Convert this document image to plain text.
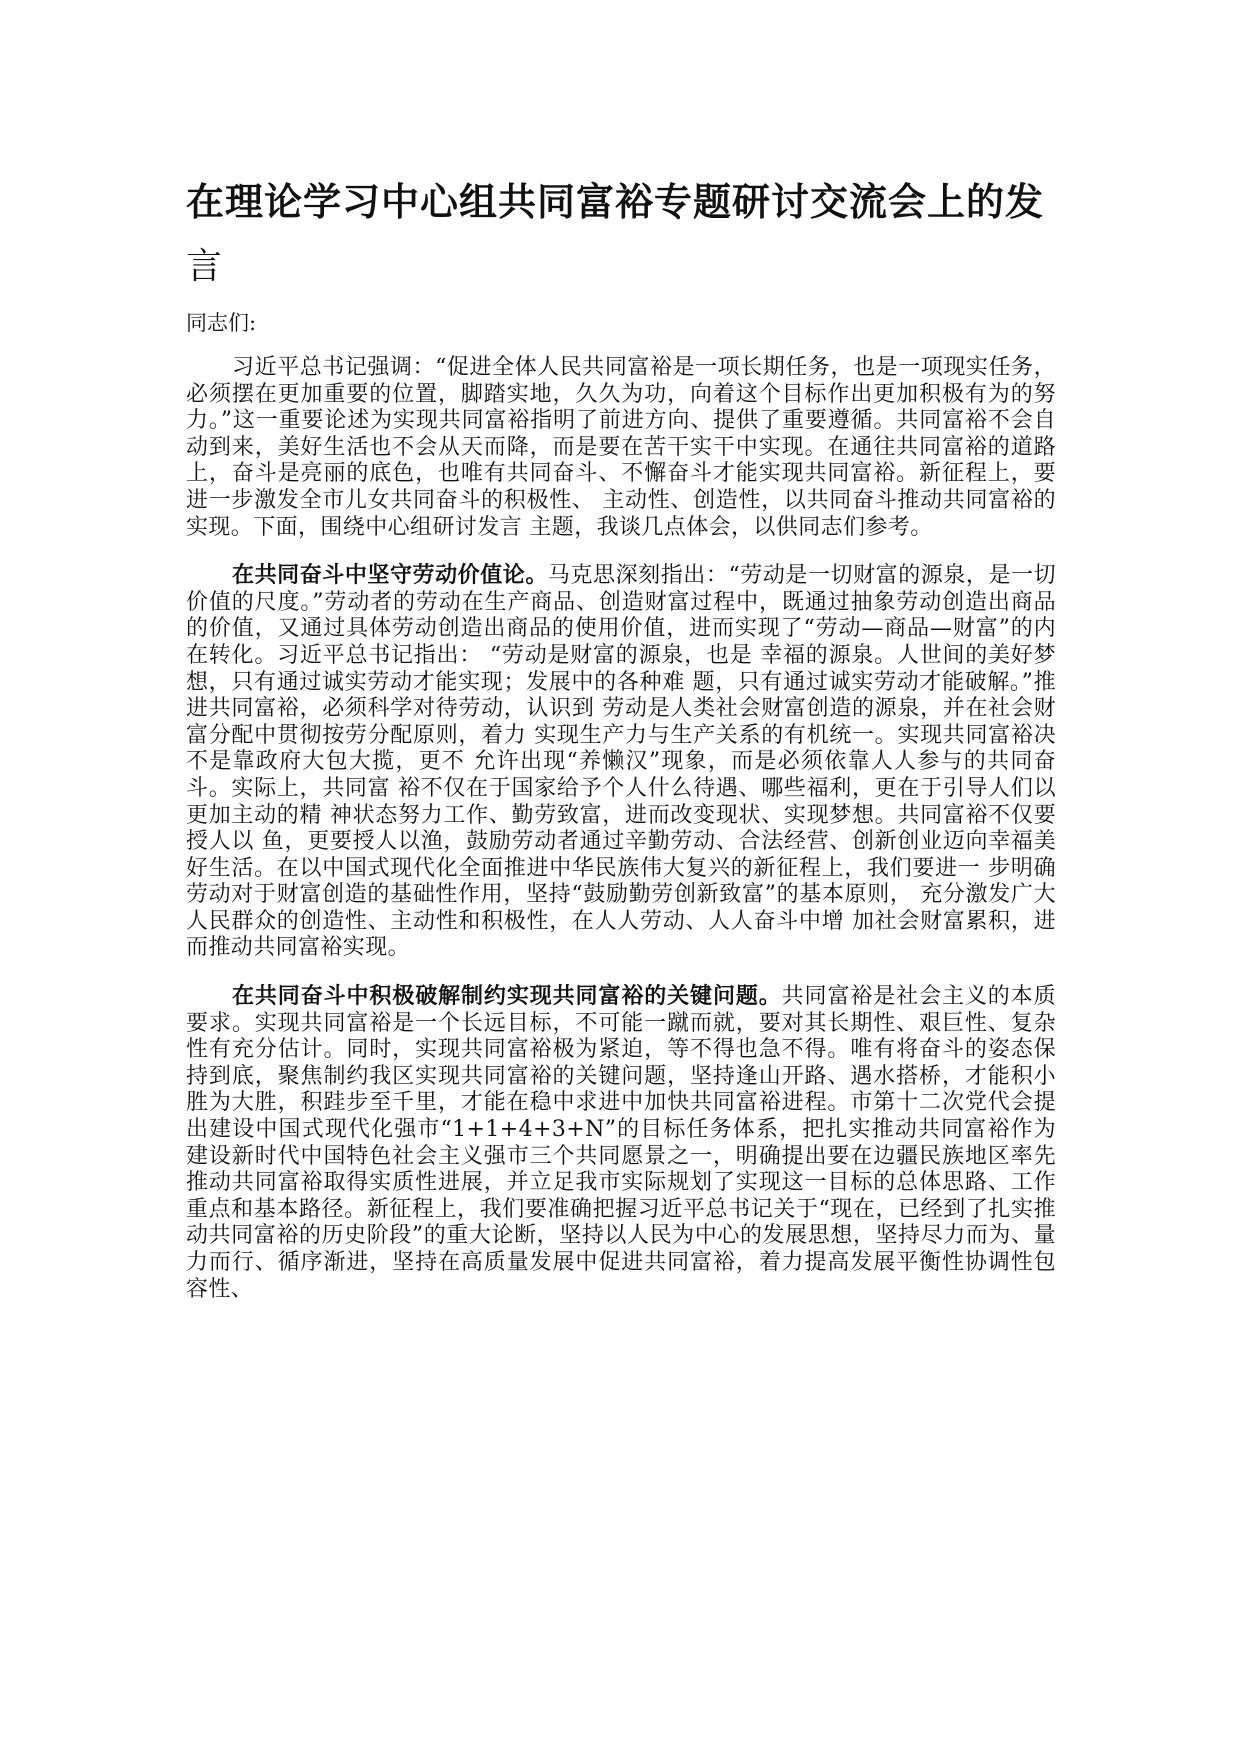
在理论学习中心组共同富裕专题研讨交流会上的发
言

同志们:

习近平总书记强调：“促进全体人民共同富裕是一项长期任务，也是一项现实任务，必须摆在更加重要的位置，脚踏实地，久久为功，向着这个目标作出更加积极有为的努力。”这一重要论述为实现共同富裕指明了前进方向、提供了重要遵循。共同富裕不会自动到来，美好生活也不会从天而降，而是要在苦干实干中实现。在通往共同富裕的道路上，奋斗是亮丽的底色，也唯有共同奋斗、不懈奋斗才能实现共同富裕。新征程上，要进一步激发全市儿女共同奋斗的积极性、 主动性、创造性，以共同奋斗推动共同富裕的实现。下面，围绕中心组研讨发言 主题，我谈几点体会，以供同志们参考。

在共同奋斗中坚守劳动价值论。马克思深刻指出：“劳动是一切财富的源泉，是一切价值的尺度。”劳动者的劳动在生产商品、创造财富过程中，既通过抽象劳动创造出商品的价值，又通过具体劳动创造出商品的使用价值，进而实现了“劳动—商品—财富”的内在转化。习近平总书记指出： “劳动是财富的源泉，也是 幸福的源泉。人世间的美好梦想，只有通过诚实劳动才能实现；发展中的各种难 题，只有通过诚实劳动才能破解。”推进共同富裕，必须科学对待劳动，认识到 劳动是人类社会财富创造的源泉，并在社会财富分配中贯彻按劳分配原则，着力 实现生产力与生产关系的有机统一。实现共同富裕决不是靠政府大包大揽，更不 允许出现“养懒汉”现象，而是必须依靠人人参与的共同奋斗。实际上，共同富 裕不仅在于国家给予个人什么待遇、哪些福利，更在于引导人们以更加主动的精 神状态努力工作、勤劳致富，进而改变现状、实现梦想。共同富裕不仅要授人以 鱼，更要授人以渔，鼓励劳动者通过辛勤劳动、合法经营、创新创业迈向幸福美 好生活。在以中国式现代化全面推进中华民族伟大复兴的新征程上，我们要进一 步明确劳动对于财富创造的基础性作用，坚持“鼓励勤劳创新致富”的基本原则， 充分激发广大人民群众的创造性、主动性和积极性，在人人劳动、人人奋斗中增 加社会财富累积，进而推动共同富裕实现。

在共同奋斗中积极破解制约实现共同富裕的关键问题。共同富裕是社会主义的本质要求。实现共同富裕是一个长远目标，不可能一蹴而就，要对其长期性、艰巨性、复杂性有充分估计。同时，实现共同富裕极为紧迫，等不得也急不得。唯有将奋斗的姿态保持到底，聚焦制约我区实现共同富裕的关键问题，坚持逢山开路、遇水搭桥，才能积小胜为大胜，积跬步至千里，才能在稳中求进中加快共同富裕进程。市第十二次党代会提出建设中国式现代化强市“1+1+4+3+N”的目标任务体系，把扎实推动共同富裕作为建设新时代中国特色社会主义强市三个共同愿景之一，明确提出要在边疆民族地区率先推动共同富裕取得实质性进展，并立足我市实际规划了实现这一目标的总体思路、工作重点和基本路径。新征程上，我们要准确把握习近平总书记关于“现在，已经到了扎实推动共同富裕的历史阶段”的重大论断，坚持以人民为中心的发展思想，坚持尽力而为、量力而行、循序渐进，坚持在高质量发展中促进共同富裕，着力提高发展平衡性协调性包容性、
